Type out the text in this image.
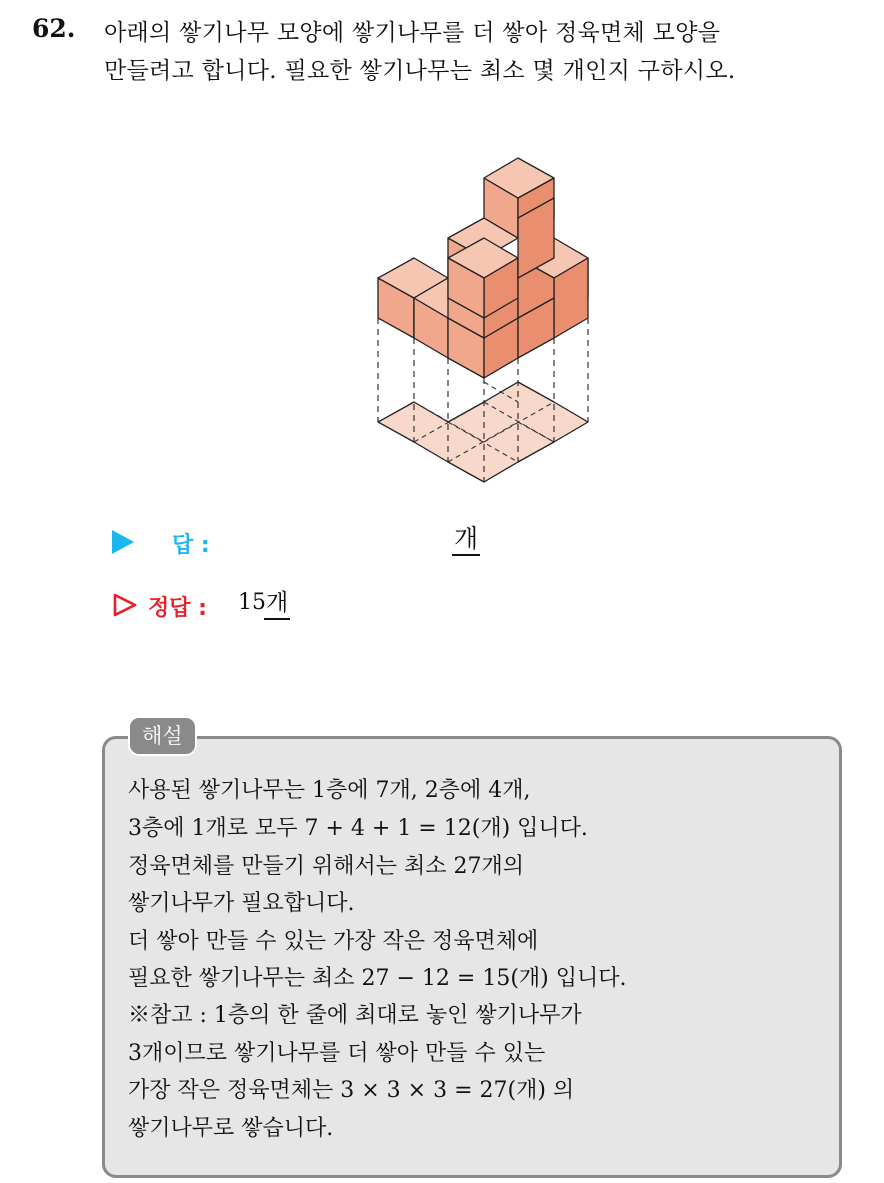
62. 아래의 쌓기나무 모양에 쌓기나무를 더 쌓아 정육면체 모양을
만들려고 합니다. 필요한 쌓기나무는 최소 몇 개인지 구하시오.
답 :	개
정답 : 15 개
해설
사용된 쌓기나무는 1층에 7개, 2층에 4개,
3층에 1개로 모두 7 + 4 + 1 = 12(개) 입니다.
정육면체를 만들기 위해서는 최소 27개의
쌓기나무가 필요합니다.
더 쌓아 만들 수 있는 가장 작은 정육면체에
필요한 쌓기나무는 최소 27 − 12 = 15(개) 입니다.
※참고 : 1층의 한 줄에 최대로 놓인 쌓기나무가
3개이므로 쌓기나무를 더 쌓아 만들 수 있는
가장 작은 정육면체는 3 × 3 × 3 = 27(개) 의
쌓기나무로 쌓습니다.
